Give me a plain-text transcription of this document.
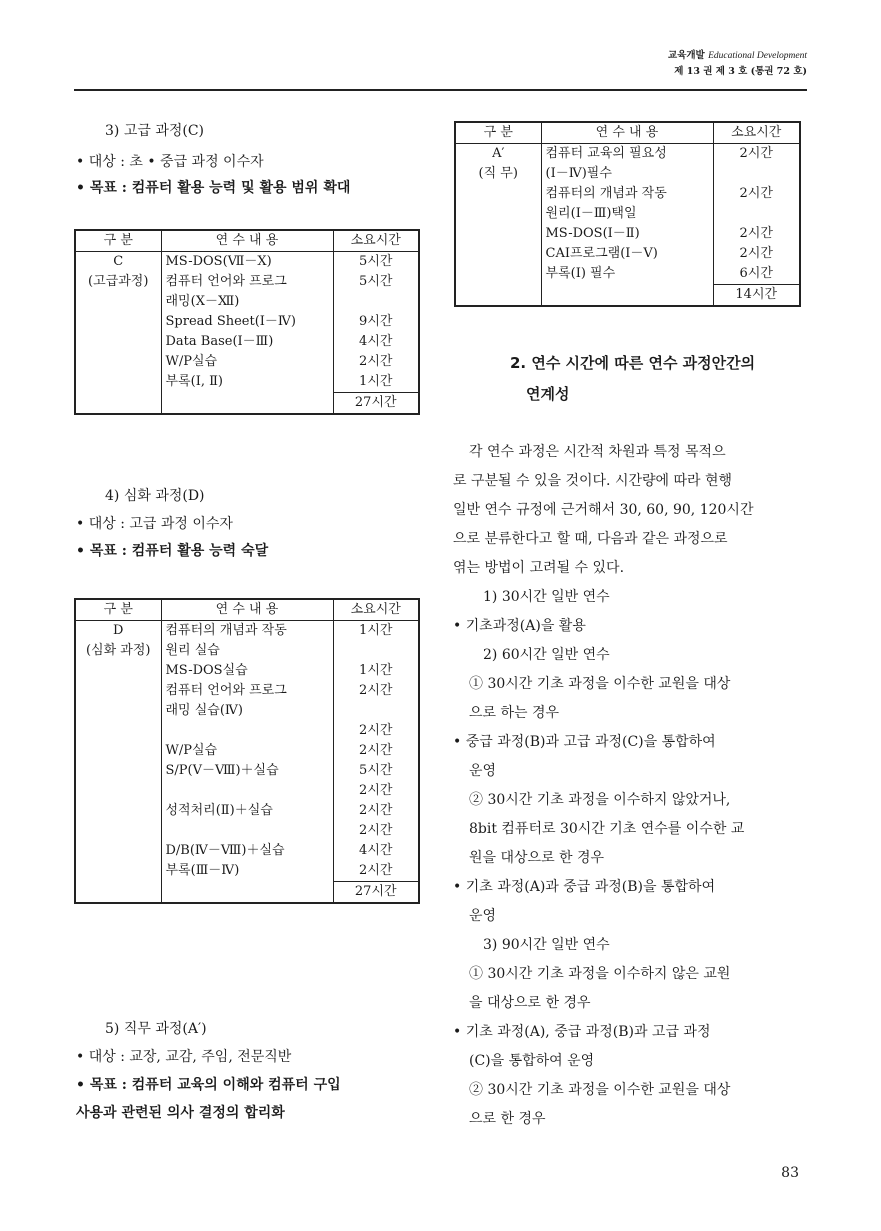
교육개발 Educational Development
제 13 권 제 3 호 (통권 72 호)
3) 고급 과정(C)
• 대상 : 초 • 중급 과정 이수자
• 목표 : 컴퓨터 활용 능력 및 활용 범위 확대
구 분	연 수 내 용	소요시간
C	MS-DOS(Ⅶ－Ⅹ)	5시간
(고급과정)	컴퓨터 언어와 프로그	5시간
	래밍(Ⅹ－Ⅻ)	
	Spread Sheet(Ⅰ－Ⅳ)	9시간
	Data Base(Ⅰ－Ⅲ)	4시간
	W/P실습	2시간
	부록(Ⅰ, Ⅱ)	1시간
		27시간
4) 심화 과정(D)
• 대상 : 고급 과정 이수자
• 목표 : 컴퓨터 활용 능력 숙달
구 분	연 수 내 용	소요시간
D	컴퓨터의 개념과 작동	1시간
(심화 과정)	원리 실습	
	MS-DOS실습	1시간
	컴퓨터 언어와 프로그	2시간
	래밍 실습(Ⅳ)	
		2시간
	W/P실습	2시간
	S/P(Ⅴ－Ⅷ)＋실습	5시간
		2시간
	성적처리(Ⅱ)＋실습	2시간
		2시간
	D/B(Ⅳ－Ⅷ)＋실습	4시간

	부록(Ⅲ－Ⅳ)	2시간
		27시간
5) 직무 과정(A′)
• 대상 : 교장, 교감, 주임, 전문직반
• 목표 : 컴퓨터 교육의 이해와 컴퓨터 구입
사용과 관련된 의사 결정의 합리화
구 분	연 수 내 용	소요시간
A′	컴퓨터 교육의 필요성	2시간
(직 무)	(Ⅰ－Ⅳ)필수	
	컴퓨터의 개념과 작동	2시간
	원리(Ⅰ－Ⅲ)택일	
	MS-DOS(Ⅰ－Ⅱ)	2시간
	CAI프로그램(Ⅰ－Ⅴ)	2시간
	부록(Ⅰ) 필수	6시간
		14시간
2. 연수 시간에 따른 연수 과정안간의
연계성
각 연수 과정은 시간적 차원과 특정 목적으
로 구분될 수 있을 것이다. 시간량에 따라 현행
일반 연수 규정에 근거해서 30, 60, 90, 120시간
으로 분류한다고 할 때, 다음과 같은 과정으로
엮는 방법이 고려될 수 있다.
1) 30시간 일반 연수
• 기초과정(A)을 활용
2) 60시간 일반 연수
① 30시간 기초 과정을 이수한 교원을 대상
으로 하는 경우
• 중급 과정(B)과 고급 과정(C)을 통합하여
운영
② 30시간 기초 과정을 이수하지 않았거나,
8bit 컴퓨터로 30시간 기초 연수를 이수한 교
원을 대상으로 한 경우
• 기초 과정(A)과 중급 과정(B)을 통합하여
운영
3) 90시간 일반 연수
① 30시간 기초 과정을 이수하지 않은 교원
을 대상으로 한 경우
• 기초 과정(A), 중급 과정(B)과 고급 과정
(C)을 통합하여 운영
② 30시간 기초 과정을 이수한 교원을 대상
으로 한 경우
83
